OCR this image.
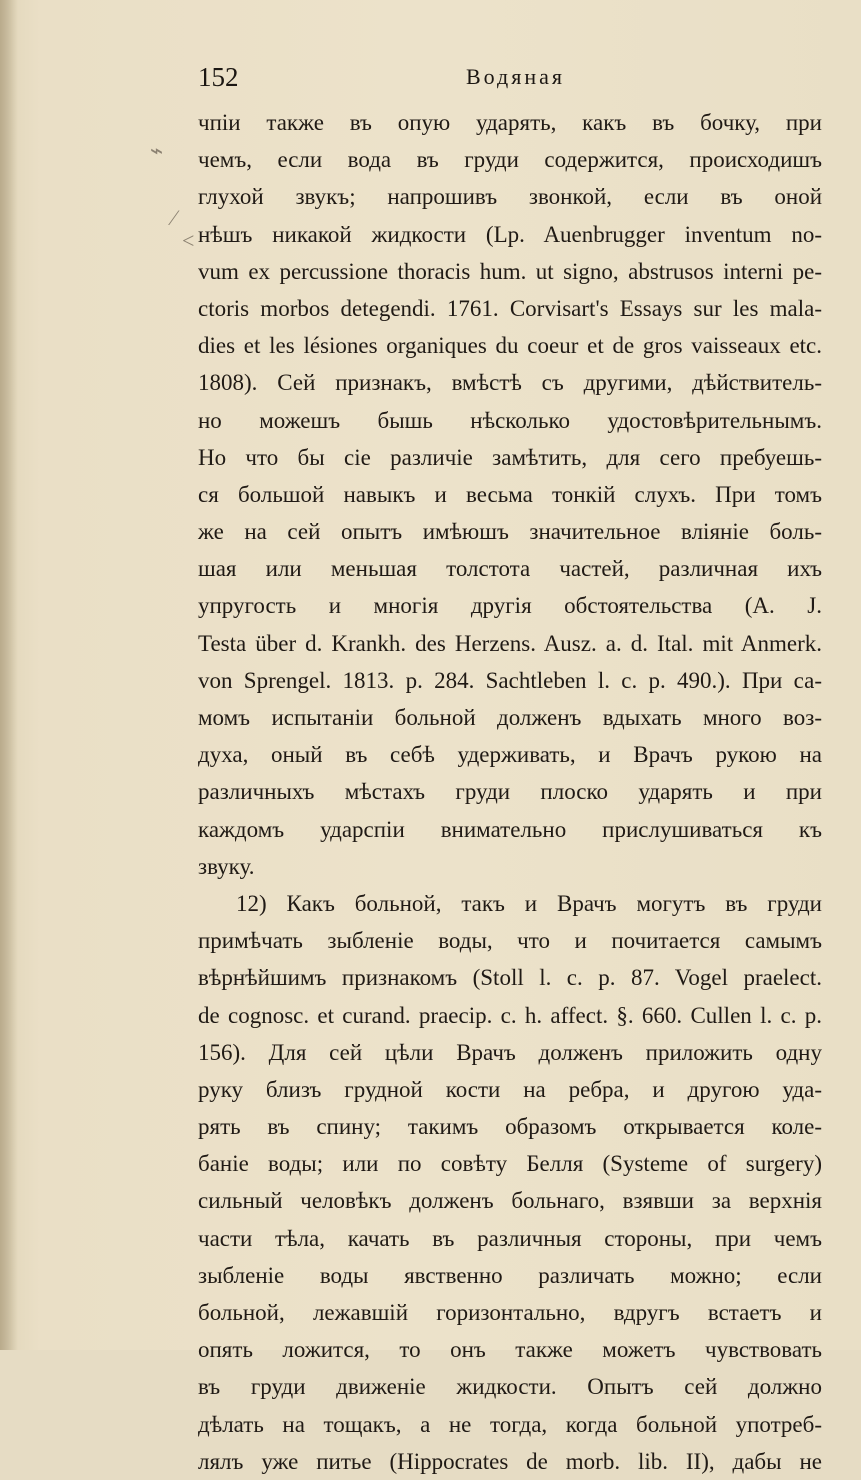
⌁
⁄
<
152	Водяная
чпіи также въ опую ударять, какъ въ бочку, при
чемъ, если вода въ груди содержится, происходишъ
глухой звукъ; напрошивъ звонкой, если въ оной
нѣшъ никакой жидкости (Lp. Auenbrugger inventum no-
vum ex percussione thoracis hum. ut signo, abstrusos interni pe-
ctoris morbos detegendi. 1761. Corvisart's Essays sur les mala-
dies et les lésiones organiques du coeur et de gros vaisseaux etc.
1808). Сей признакъ, вмѣстѣ съ другими, дѣйствитель-
но можешъ бышь нѣсколько удостовѣрительнымъ.
Но что бы сіе различіе замѣтить, для сего пребуешь-
ся большой навыкъ и весьма тонкій слухъ. При томъ
же на сей опытъ имѣюшъ значительное вліяніе боль-
шая или меньшая толстота частей, различная ихъ
упругость и многія другія обстоятельства (A. J.
Testa über d. Krankh. des Herzens. Ausz. a. d. Ital. mit Anmerk.
von Sprengel. 1813. p. 284. Sachtleben l. c. p. 490.). При са-
момъ испытаніи больной долженъ вдыхать много воз-
духа, оный въ себѣ удерживать, и Врачъ рукою на
различныхъ мѣстахъ груди плоско ударять и при
каждомъ ударспіи внимательно прислушиваться къ
звуку.
12) Какъ больной, такъ и Врачъ могутъ въ груди
примѣчать зыбленіе воды, что и почитается самымъ
вѣрнѣйшимъ признакомъ (Stoll l. c. p. 87. Vogel praelect.
de cognosc. et curand. praecip. c. h. affect. §. 660. Cullen l. c. p.
156). Для сей цѣли Врачъ долженъ приложить одну
руку близъ грудной кости на ребра, и другою уда-
рять въ спину; такимъ образомъ открывается коле-
баніе воды; или по совѣту Белля (Systeme of surgery)
сильный человѣкъ долженъ больнаго, взявши за верхнія
части тѣла, качать въ различныя стороны, при чемъ
зыбленіе воды явственно различать можно; если
больной, лежавшій горизонтально, вдругъ встаетъ и
опять ложится, то онъ также можетъ чувствовать
въ груди движеніе жидкости. Опытъ сей должно
дѣлать на тощакъ, а не тогда, когда больной употреб-
лялъ уже питье (Hippocrates de morb. lib. II), дабы не
